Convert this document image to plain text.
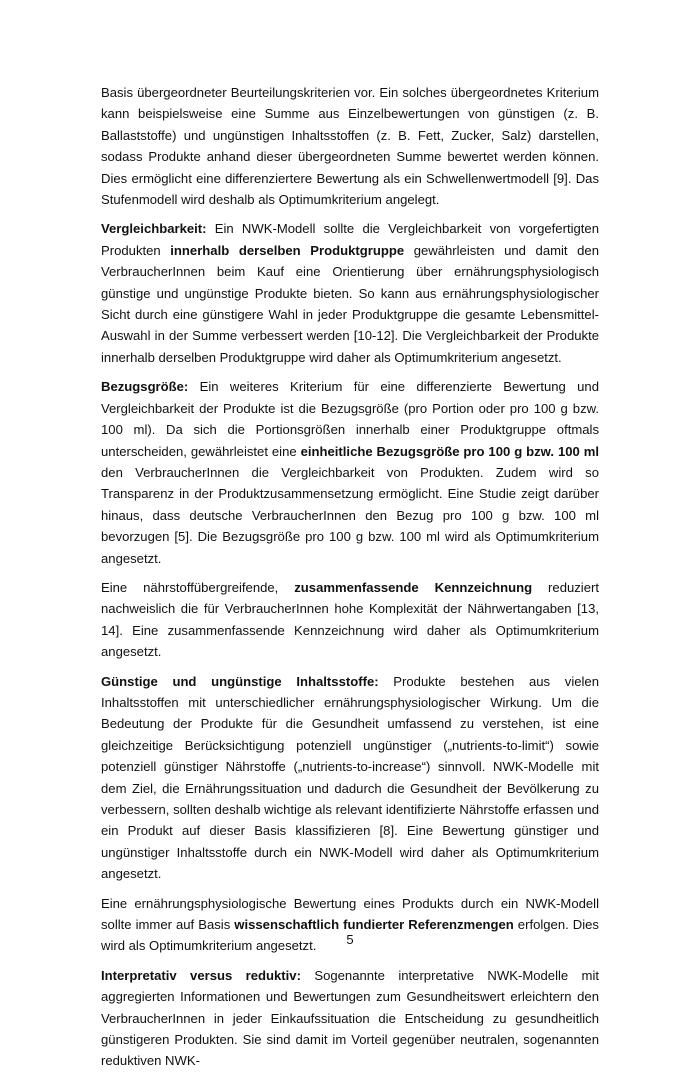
Basis übergeordneter Beurteilungskriterien vor. Ein solches übergeordnetes Kriterium kann beispielsweise eine Summe aus Einzelbewertungen von günstigen (z. B. Ballaststoffe) und ungünstigen Inhaltsstoffen (z. B. Fett, Zucker, Salz) darstellen, sodass Produkte anhand dieser übergeordneten Summe bewertet werden können. Dies ermöglicht eine differenziertere Bewertung als ein Schwellenwertmodell [9]. Das Stufenmodell wird deshalb als Optimumkriterium angelegt.

Vergleichbarkeit: Ein NWK-Modell sollte die Vergleichbarkeit von vorgefertigten Produkten innerhalb derselben Produktgruppe gewährleisten und damit den VerbraucherInnen beim Kauf eine Orientierung über ernährungsphysiologisch günstige und ungünstige Produkte bieten. So kann aus ernährungsphysiologischer Sicht durch eine günstigere Wahl in jeder Produktgruppe die gesamte Lebensmittel-Auswahl in der Summe verbessert werden [10-12]. Die Vergleichbarkeit der Produkte innerhalb derselben Produktgruppe wird daher als Optimumkriterium angesetzt.

Bezugsgröße: Ein weiteres Kriterium für eine differenzierte Bewertung und Vergleichbarkeit der Produkte ist die Bezugsgröße (pro Portion oder pro 100 g bzw. 100 ml). Da sich die Portionsgrößen innerhalb einer Produktgruppe oftmals unterscheiden, gewährleistet eine einheitliche Bezugsgröße pro 100 g bzw. 100 ml den VerbraucherInnen die Vergleichbarkeit von Produkten. Zudem wird so Transparenz in der Produktzusammensetzung ermöglicht. Eine Studie zeigt darüber hinaus, dass deutsche VerbraucherInnen den Bezug pro 100 g bzw. 100 ml bevorzugen [5]. Die Bezugsgröße pro 100 g bzw. 100 ml wird als Optimumkriterium angesetzt.

Eine nährstoffübergreifende, zusammenfassende Kennzeichnung reduziert nachweislich die für VerbraucherInnen hohe Komplexität der Nährwertangaben [13, 14]. Eine zusammenfassende Kennzeichnung wird daher als Optimumkriterium angesetzt.

Günstige und ungünstige Inhaltsstoffe: Produkte bestehen aus vielen Inhaltsstoffen mit unterschiedlicher ernährungsphysiologischer Wirkung. Um die Bedeutung der Produkte für die Gesundheit umfassend zu verstehen, ist eine gleichzeitige Berücksichtigung potenziell ungünstiger („nutrients-to-limit“) sowie potenziell günstiger Nährstoffe („nutrients-to-increase“) sinnvoll. NWK-Modelle mit dem Ziel, die Ernährungssituation und dadurch die Gesundheit der Bevölkerung zu verbessern, sollten deshalb wichtige als relevant identifizierte Nährstoffe erfassen und ein Produkt auf dieser Basis klassifizieren [8]. Eine Bewertung günstiger und ungünstiger Inhaltsstoffe durch ein NWK-Modell wird daher als Optimumkriterium angesetzt.

Eine ernährungsphysiologische Bewertung eines Produkts durch ein NWK-Modell sollte immer auf Basis wissenschaftlich fundierter Referenzmengen erfolgen. Dies wird als Optimumkriterium angesetzt.

Interpretativ versus reduktiv: Sogenannte interpretative NWK-Modelle mit aggregierten Informationen und Bewertungen zum Gesundheitswert erleichtern den VerbraucherInnen in jeder Einkaufssituation die Entscheidung zu gesundheitlich günstigeren Produkten. Sie sind damit im Vorteil gegenüber neutralen, sogenannten reduktiven NWK-

5
